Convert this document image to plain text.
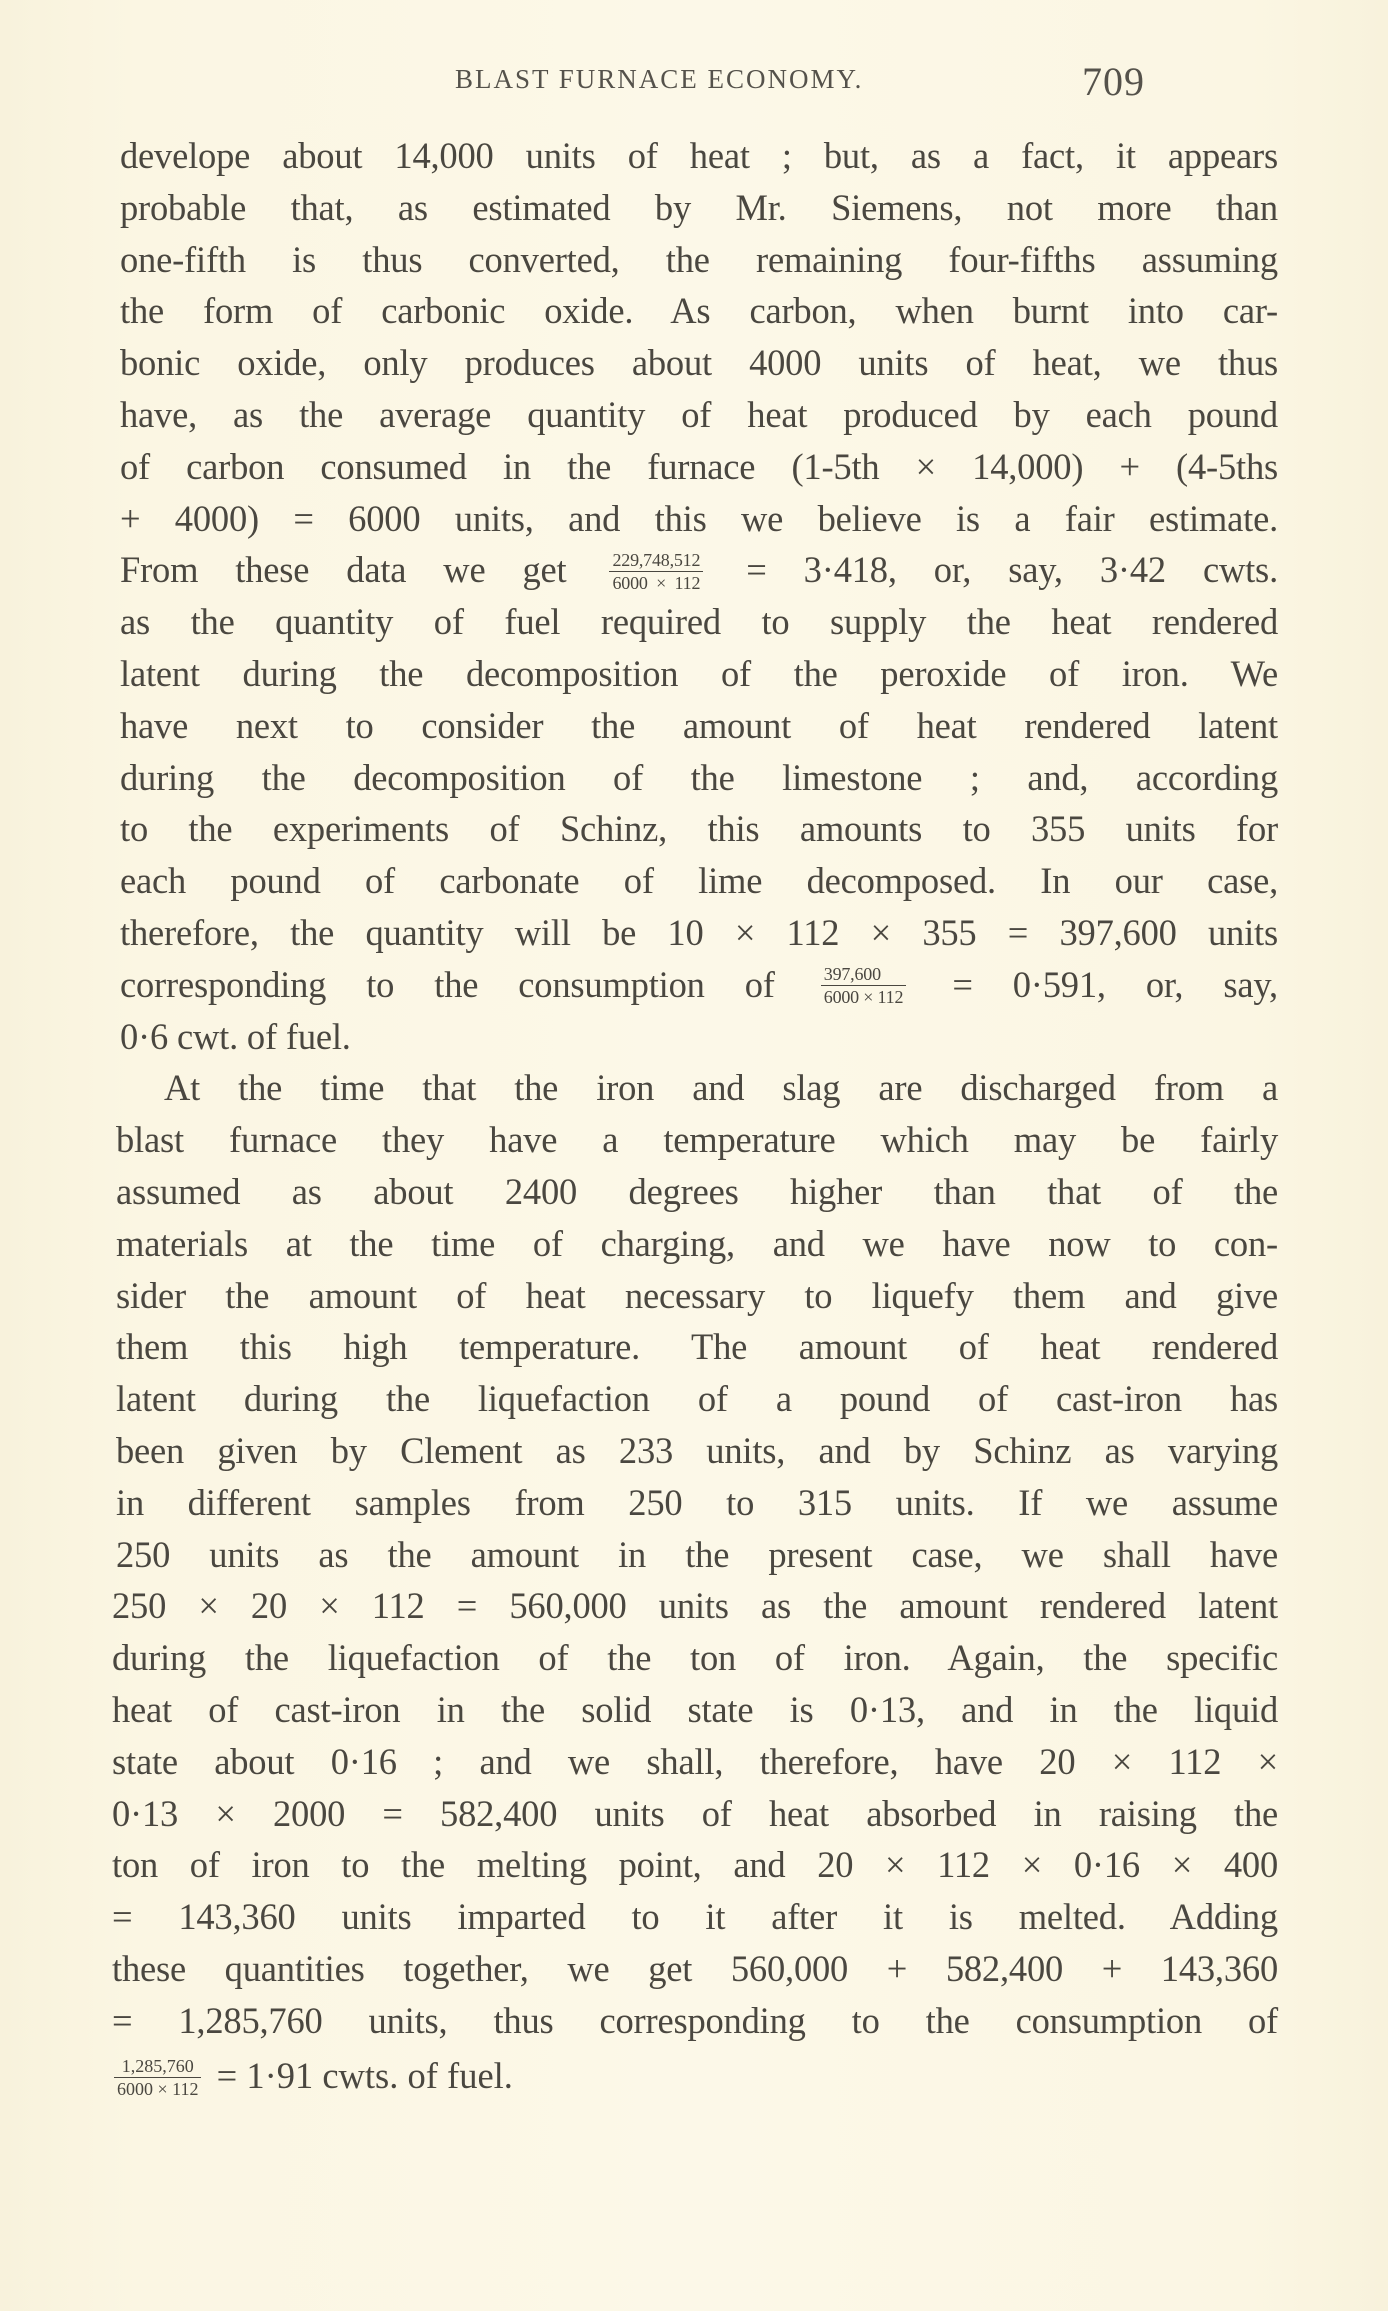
BLAST FURNACE ECONOMY.	709
develope about 14,000 units of heat ; but, as a fact, it appears
probable that, as estimated by Mr. Siemens, not more than
one-fifth is thus converted, the remaining four-fifths assuming
the form of carbonic oxide. As carbon, when burnt into car-
bonic oxide, only produces about 4000 units of heat, we thus
have, as the average quantity of heat produced by each pound
of carbon consumed in the furnace (1-5th × 14,000) + (4-5ths
+ 4000) = 6000 units, and this we believe is a fair estimate.
From these data we get $\frac{229,748,512}{6000 \times 112} = 3\cdot 418$, or, say, 3·42 cwts.
as the quantity of fuel required to supply the heat rendered
latent during the decomposition of the peroxide of iron. We
have next to consider the amount of heat rendered latent
during the decomposition of the limestone ; and, according
to the experiments of Schinz, this amounts to 355 units for
each pound of carbonate of lime decomposed. In our case,
therefore, the quantity will be 10 × 112 × 355 = 397,600 units
corresponding to the consumption of	$\frac{397,600}{6000 \times 112} = 0\cdot 591$, or, say,
0·6 cwt. of fuel.
At the time that the iron and slag are discharged from a
blast furnace they have a temperature which may be fairly
assumed as about 2400 degrees higher than that of the
materials at the time of charging, and we have now to con-
sider the amount of heat necessary to liquefy them and give
them this high temperature. The amount of heat rendered
latent during the liquefaction of a pound of cast-iron has
been given by Clement as 233 units, and by Schinz as varying
in different samples from 250 to 315 units. If we assume
250 units as the amount in the present case, we shall have
250 × 20 × 112 = 560,000 units as the amount rendered latent
during the liquefaction of the ton of iron. Again, the specific
heat of cast-iron in the solid state is 0·13, and in the liquid
state about 0·16 ; and we shall, therefore, have 20 × 112 ×
0·13 × 2000 = 582,400 units of heat absorbed in raising the
ton of iron to the melting point, and 20 × 112 × 0·16 × 400
= 143,360 units imparted to it after it is melted. Adding
these quantities together, we get 560,000 + 582,400 + 143,360
= 1,285,760 units, thus corresponding to the consumption of
$\frac{1,285,760}{6000 \times 112} = 1\cdot 91$ cwts. of fuel.
